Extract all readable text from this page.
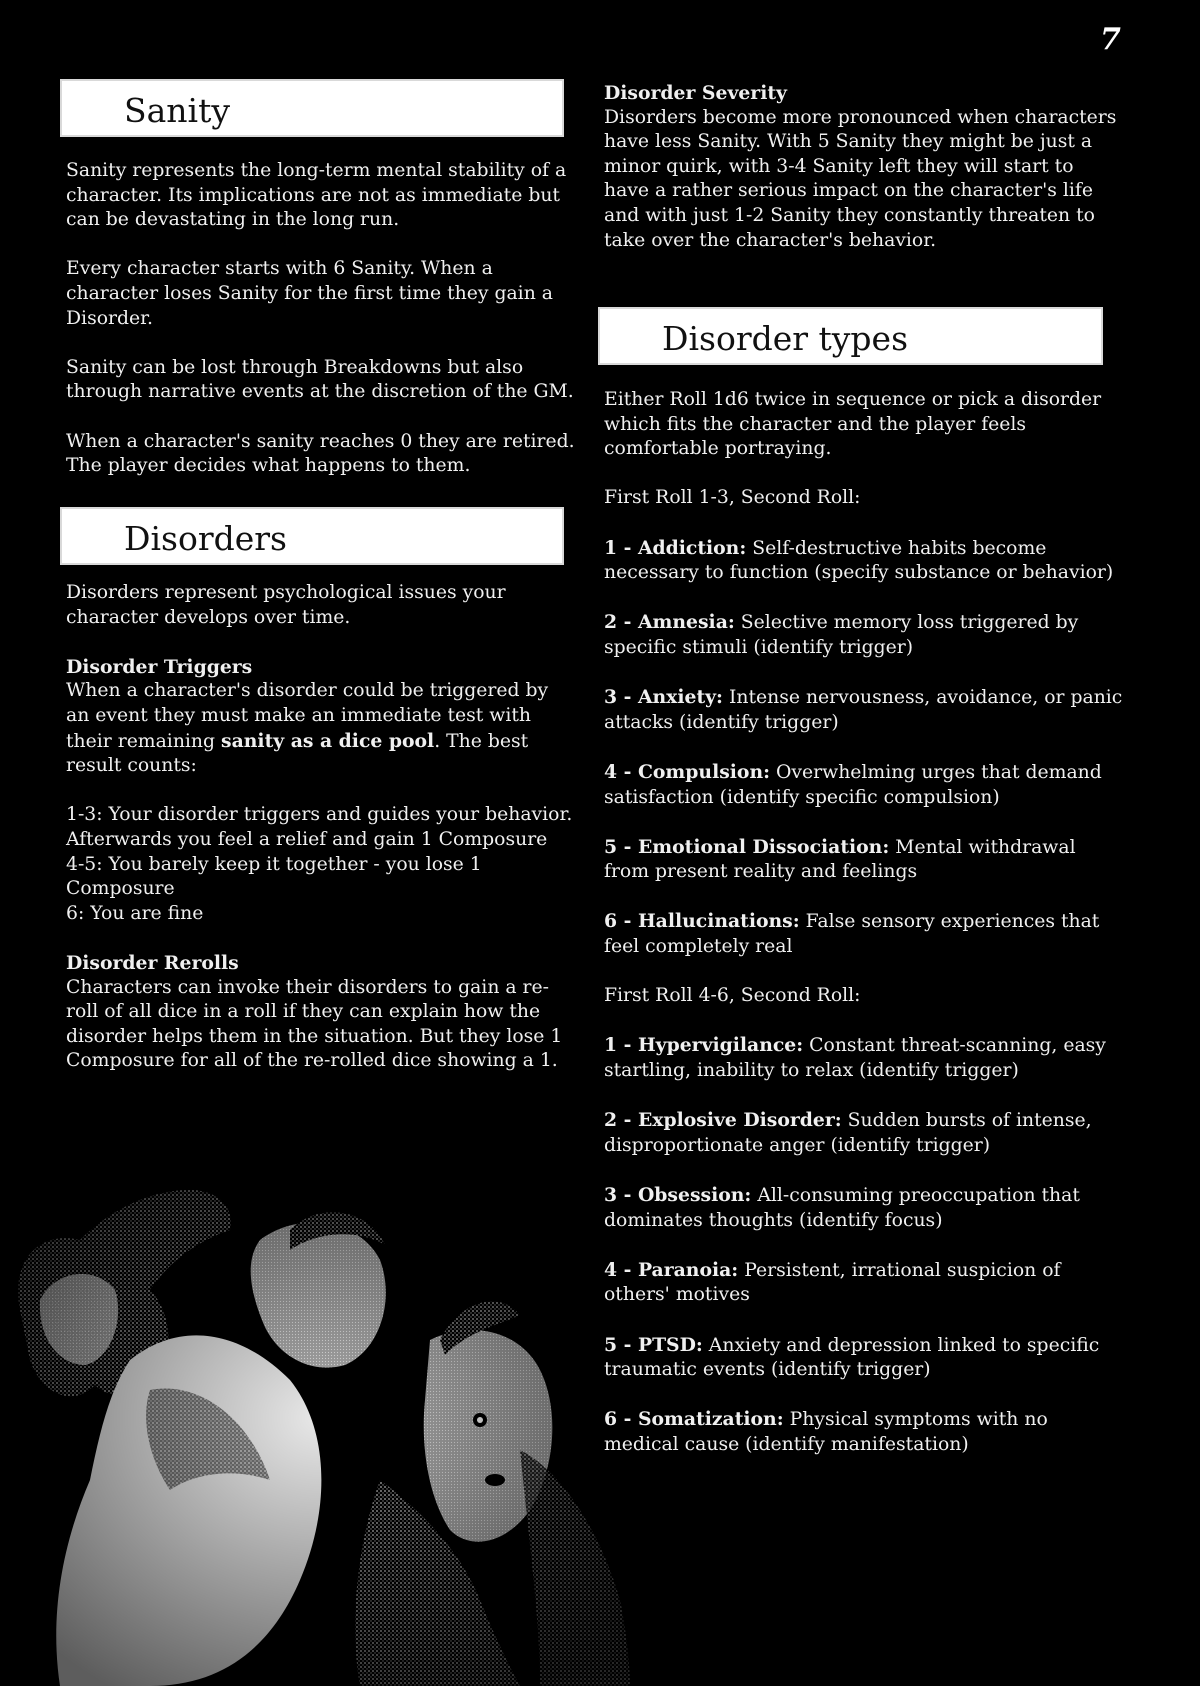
7
Sanity

Sanity represents the long-term mental stability of a character. Its implications are not as immediate but can be devastating in the long run.

Every character starts with 6 Sanity. When a character loses Sanity for the first time they gain a Disorder.

Sanity can be lost through Breakdowns but also through narrative events at the discretion of the GM.

When a character's sanity reaches 0 they are retired. The player decides what happens to them.

Disorders

Disorders represent psychological issues your character develops over time.

Disorder Triggers

When a character's disorder could be triggered by an event they must make an immediate test with their remaining sanity as a dice pool. The best result counts:

1-3: Your disorder triggers and guides your behavior. Afterwards you feel a relief and gain 1 Composure

4-5: You barely keep it together - you lose 1 Composure

6: You are fine

Disorder Rerolls

Characters can invoke their disorders to gain a re-roll of all dice in a roll if they can explain how the disorder helps them in the situation. But they lose 1 Composure for all of the re-rolled dice showing a 1.

Disorder Severity

Disorders become more pronounced when characters have less Sanity. With 5 Sanity they might be just a minor quirk, with 3-4 Sanity left they will start to have a rather serious impact on the character's life and with just 1-2 Sanity they constantly threaten to take over the character's behavior.

Disorder types

Either Roll 1d6 twice in sequence or pick a disorder which fits the character and the player feels comfortable portraying.

First Roll 1-3, Second Roll:

1 - Addiction: Self-destructive habits become necessary to function (specify substance or behavior)

2 - Amnesia: Selective memory loss triggered by specific stimuli (identify trigger)

3 - Anxiety: Intense nervousness, avoidance, or panic attacks (identify trigger)

4 - Compulsion: Overwhelming urges that demand satisfaction (identify specific compulsion)

5 - Emotional Dissociation: Mental withdrawal from present reality and feelings

6 - Hallucinations: False sensory experiences that feel completely real

First Roll 4-6, Second Roll:

1 - Hypervigilance: Constant threat-scanning, easy startling, inability to relax (identify trigger)

2 - Explosive Disorder: Sudden bursts of intense, disproportionate anger (identify trigger)

3 - Obsession: All-consuming preoccupation that dominates thoughts (identify focus)

4 - Paranoia: Persistent, irrational suspicion of others' motives

5 - PTSD: Anxiety and depression linked to specific traumatic events (identify trigger)

6 - Somatization: Physical symptoms with no medical cause (identify manifestation)
